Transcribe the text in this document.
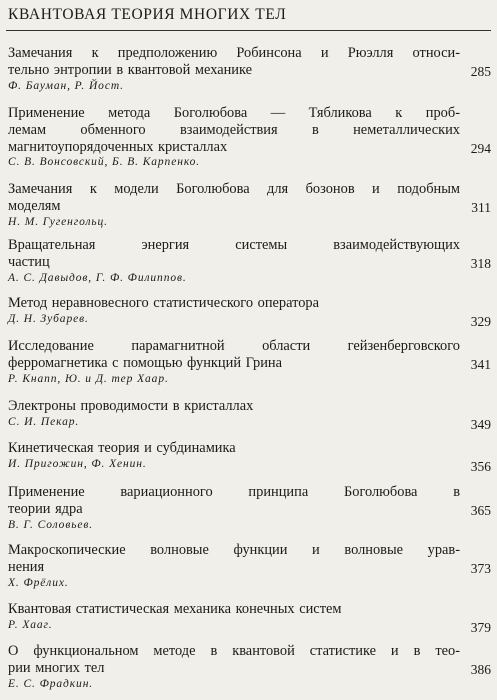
КВАНТОВАЯ ТЕОРИЯ МНОГИХ ТЕЛ
Замечания к предположению Робинсона и Рюэлля относи-
тельно энтропии в квантовой механике
Ф. Бауман, Р. Йост.
285
Применение метода Боголюбова — Тябликова к проб-
лемам обменного взаимодействия в неметаллических
магнитоупорядоченных кристаллах
С. В. Вонсовский, Б. В. Карпенко.
294
Замечания к модели Боголюбова для бозонов и подобным
моделям
Н. М. Гугенгольц.
311
Вращательная энергия системы взаимодействующих
частиц
А. С. Давыдов, Г. Ф. Филиппов.
318
Метод неравновесного статистического оператора
Д. Н. Зубарев.	329
Исследование парамагнитной области гейзенберговского
ферромагнетика с помощью функций Грина
Р. Кнапп, Ю. и Д. тер Хаар.
341
Электроны проводимости в кристаллах
С. И. Пекар.	349
Кинетическая теория и субдинамика
И. Пригожин, Ф. Хенин.	356
Применение вариационного принципа Боголюбова в
теории ядра
В. Г. Соловьев.
365
Макроскопические волновые функции и волновые урав-
нения
Х. Фрёлих.
373
Квантовая статистическая механика конечных систем
Р. Хааг.	379
О функциональном методе в квантовой статистике и в тео-
рии многих тел
Е. С. Фрадкин.
386
